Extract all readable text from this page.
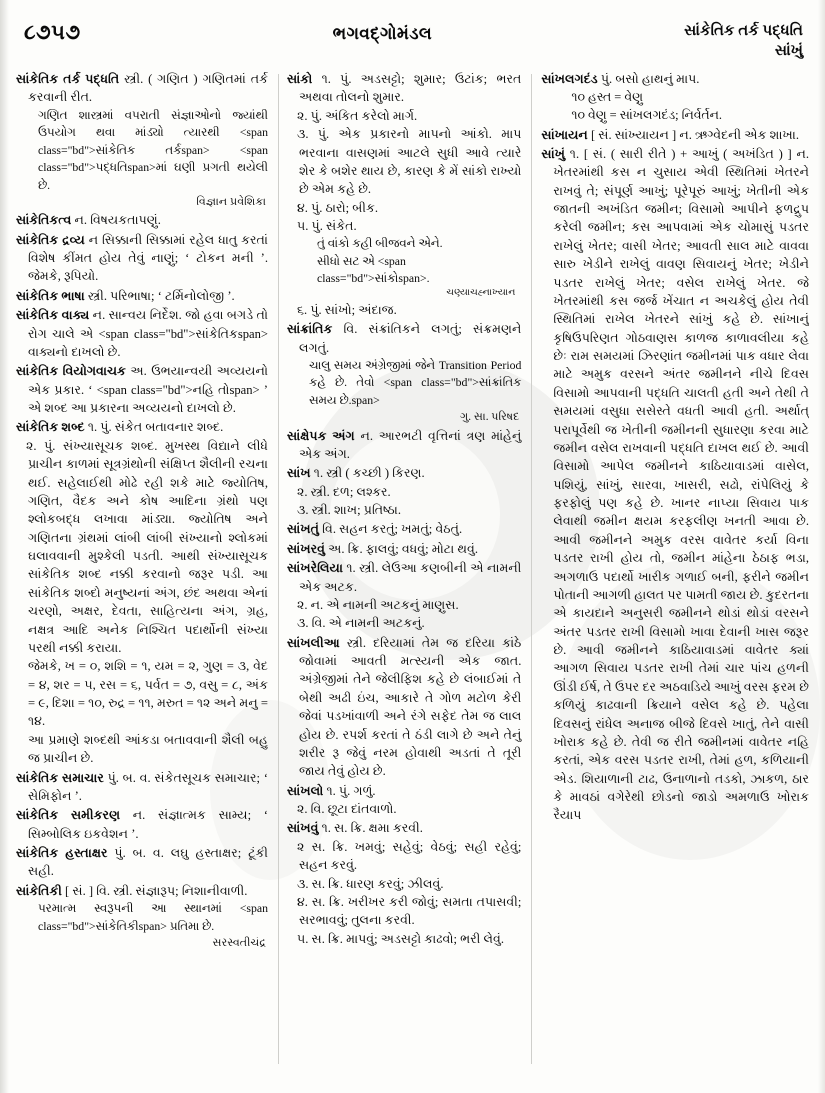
૮૭૫૭	ભગવદ્ગોમંડલ	સાંકેતિક તર્ક પદ્ધતિ
સાંખું

સાંકેતિક તર્ક પદ્ધતિ સ્ત્રી. ( ગણિત ) ગણિતમાં તર્ક કરવાની રીત.

ગણિત શાસ્ત્રમાં વપરાતી સંજ્ઞાઓનો જ્યાંથી ઉપયોગ થવા માંડ્યો ત્યારથી <span class="bd">સાંકેતિક તર્કspan> <span class="bd">પદ્ધતિspan>માં ઘણી પ્રગતી થયેલી છે.

વિજ્ઞાન પ્રવેશિકા

સાંકેતિકત્વ ન. વિષયકતાપણું.

સાંકેતિક દ્રવ્ય ન સિક્કાની સિક્કામાં રહેલ ધાતુ કરતાં વિશેષ કીંમત હોય તેવું નાણું; ‘ ટોકન મની ’. જેમકે, રૂપિયો.

સાંકેતિક ભાષા સ્ત્રી. પરિભાષા; ‘ ટર્મિનોલોજી ’.

સાંકેતિક વાક્ય ન. સાન્વય નિર્દેશ. જો હવા બગડે તો રોગ ચાલે એ <span class="bd">સાંકેતિકspan> વાક્યનો દાખલો છે.

સાંકેતિક વિયોગવાચક અ. ઉભયાન્વયી અવ્યયનો એક પ્રકાર. ‘ <span class="bd">નહિ તોspan> ’ એ શબ્દ આ પ્રકારના અવ્યયનો દાખલો છે.

સાંકેતિક શબ્દ ૧. પું. સંકેત બતાવનાર શબ્દ.

૨. પું. સંખ્યાસૂચક શબ્દ. મુખસ્થ વિદ્યાને લીધે પ્રાચીન કાળમાં સૂત્રગ્રંથોની સંક્ષિપ્ત શૈલીની રચના થઈ. સહેલાઈથી મોઢે રહી શકે માટે જ્યોતિષ, ગણિત, વૈદક અને કોષ આદિના ગ્રંથો પણ શ્લોકબદ્ધ લખાવા માંડ્યા. જ્યોતિષ અને ગણિતના ગ્રંથમાં લાંબી લાંબી સંખ્યાનો શ્લોકમાં ઘલાવવાની મુશ્કેલી પડતી. આથી સંખ્યાસૂચક સાંકેતિક શબ્દ નક્કી કરવાનો જરૂર પડી. આ સાંકેતિક શબ્દો મનુષ્યનાં અંગ, છંદ અથવા એનાં ચરણો, અક્ષર, દેવતા, સાહિત્યના અંગ, ગ્રહ, નક્ષત્ર આદિ અનેક નિશ્ચિત પદાર્થોની સંખ્યા પરથી નક્કી કરાયા.

જેમકે, ખ = ૦, શશિ = ૧, યમ = ૨, ગુણ = ૩, વેદ = ૪, શર = ૫, રસ = ૬, પર્વત = ૭, વસુ = ૮, અંક = ૯, દિશા = ૧૦, રુદ્ર = ૧૧, મરુત = ૧૨ અને મનુ = ૧૪.

આ પ્રમાણે શબ્દથી આંકડા બતાવવાની શૈલી બહુ જ પ્રાચીન છે.

સાંકેતિક સમાચાર પું. બ. વ. સંકેતસૂચક સમાચાર; ‘ સેમિફોન ’.

સાંકેતિક સમીકરણ ન. સંજ્ઞાત્મક સામ્ય; ‘ સિમ્બોલિક ઇકવેશન ’.

સાંકેતિક હસ્તાક્ષર પું. બ. વ. લઘુ હસ્તાક્ષર; ટૂંકી સહી.

સાંકેતિકી [ સં. ] વિ. સ્ત્રી. સંજ્ઞારૂપ; નિશાનીવાળી.

પરમાત્મ સ્વરૂપની આ સ્થાનમાં <span class="bd">સાંકેતિકીspan> પ્રતિમા છે.

સરસ્વતીચંદ્ર

સાંકો ૧. પું. અડસટ્ટો; શુમાર; ઉટાંક; ભરત અથવા તોલનો શુમાર.

૨. પું. અંકિત કરેલો માર્ગ.

૩. પું. એક પ્રકારનો માપનો આંકો. માપ ભરવાના વાસણમાં આટલે સુધી આવે ત્યારે શેર કે બશેર થાય છે, કારણ કે મેં સાંકો રાખ્યો છે એમ કહે છે.

૪. પું. ઠારો; બીક.

૫. પું. સંકેત.

તું વાંકો કહી બીજવને એને.

સીધો સટ એ <span class="bd">સાંકોspan>.

ચણ્યાચહ્નાખ્યાન

૬. પું. સાંખો; અંદાજ.

સાંક્રાંતિક વિ. સંક્રાંતિકને લગતું; સંક્રમણને લગતું.

ચાલુ સમય અંગ્રેજીમાં જેને Transition Period કહે છે. તેવો <span class="bd">સાંક્રાંતિક સમય છે.span>

ગુ. સા. પરિષદ

સાંક્ષેપક અંગ ન. આરભટી વૃત્તિનાં ત્રણ માંહેનું એક અંગ.

સાંખ ૧. સ્ત્રી ( કચ્છી ) કિરણ.

૨. સ્ત્રી. દળ; લશ્કર.

૩. સ્ત્રી. શાખ; પ્રતિષ્ઠા.

સાંખતું વિ. સહન કરતું; ખમતું; વેઠતું.

સાંખરવું અ. ક્રિ. ફાલવું; વધવું; મોટા થવું.

સાંખરેલિયા ૧. સ્ત્રી. લેઉઆ કણબીની એ નામની એક અટક.

૨. ન. એ નામની અટકનું માણુસ.

૩. વિ. એ નામની અટકનું.

સાંખલીઆ સ્ત્રી. દરિયામાં તેમ જ દરિયા કાંઠે જોવામાં આવતી મત્સ્યની એક જાત. અંગ્રેજીમાં તેને જેલીફિશ કહે છે લંબાઈમાં તે બેથી અઢી ઇંચ, આકારે તે ગોળ મટોળ કેરી જેવાં પડખાંવાળી અને રંગે સફેદ તેમ જ લાલ હોય છે. રપર્શ કરતાં તે ઠંડી લાગે છે અને તેનું શરીર રૂ જેવું નરમ હોવાથી અડતાં તે તૂરી જાય તેવું હોય છે.

સાંખલો ૧. પું. ગળું.

૨. વિ. છૂટા દાંતવાળો.

સાંખવું ૧. સ. ક્રિ. ક્ષમા કરવી.

૨ સ. ક્રિ. ખમવું; સહેવું; વેઠવું; સહી રહેવું; સહન કરવું.

૩. સ. ક્રિ. ધારણ કરવું; ઝીલવું.

૪. સ. ક્રિ. ખરીખર કરી જોવું; સમતા તપાસવી; સરભાવવું; તુલના કરવી.

૫. સ. ક્રિ. માપવું; અડસટ્ટો કાઢવો; ભરી લેવું.

સાંખલગદંડ પું. બસો હાથનું માપ.

૧૦ હસ્ત = વેણુ

૧૦ વેણુ = સાંખલગદંડ; નિર્વર્તન.

સાંખાયન [ સં. સાંખ્યાયન ] ન. ઋગ્વેદની એક શાખા.

સાંખું ૧. [ સં. ( સારી રીતે ) + આખું ( અખંડિત ) ] ન. ખેતરમાંથી કસ ન ચુસાય એવી સ્થિતિમાં ખેતરને રાખવું તે; સંપૂર્ણ આખું; પૂરેપૂરું આખું; ખેતીની એક જાતની અખંડિત જમીન; વિસામો આપીને ફળદ્રુપ કરેલી જમીન; કસ આપવામાં એક ચોમાસું પડતર રાખેલું ખેતર; વાસી ખેતર; આવતી સાલ માટે વાવવા સારુ ખેડીને રાખેલું વાવણ સિવાયનું ખેતર; ખેડીને પડતર રાખેલું ખેતર; વસેલ રાખેલું ખેતર. જે ખેતરમાંથી કસ જર્જ ખેંચાત ન અચકેલું હોય તેવી સ્થિતિમાં રાખેલ ખેતરને સાંખું કહે છે. સાંખાનું કૃષિઉપરિણત ગોઠવાણસ કાળજ કાળાવલીયા કહે છેઃ રામ સમયમાં ઝિરણાંત જમીનમાં પાક વધાર લેવા માટે અમુક વરસને અંતર જમીનને નીચે દિવસ વિસામો આપવાની પદ્ધતિ ચાલતી હતી અને તેથી તે સમયમાં વસુધા સસેસ્તે વધતી આવી હતી. અર્થાત્ પરાપૂર્વેથી જ ખેતીની જમીનની સુધારણા કરવા માટે જમીન વસેલ રાખવાની પદ્ધતિ દાખલ થઈ છે. આવી વિસામો આપેલ જમીનને કાઠિયાવાડમાં વાસેલ, પશિયું, સાંખું, સારવા, ખાસરી, સઢો, રાંપેલિયું કે ફરફોલું પણ કહે છે. ખાનર નાપ્યા સિવાય પાક લેવાથી જમીન ક્ષયમ કરફલીણ ખનતી આવા છે. આવી જમીનને અમુક વરસ વાવેતર કર્યા વિના પડતર રાખી હોય તો, જમીન માંહેના ઠેઠાફ ભડા, અગળાઉ પદાર્થો ખારીક ગળાઈ બની, ફરીને જમીન પોતાની આગળી હાલત પર પામતી જાય છે. કુદરતના એ કાયદાને અનુસરી જમીનને થોડાં થોડાં વરસને અંતર પડતર રાખી વિસામો ખાવા દેવાની ખાસ જરૂર છે. આવી જમીનને કાઠિયાવાડમાં વાવેતર ક્યાં આગળ સિવાય પડતર રાખી તેમાં ચાર પાંચ હળની ઊંડી ઈર્ષ, તે ઉપર દર અઠવાડિયે આખું વરસ ફરમ છે કળિયું કાઢવાની ક્રિયાને વસેલ કહે છે. પહેલા દિવસનું રાંધેલ અનાજ બીજે દિવસે ખાતું, તેને વાસી ખોરાક કહે છે. તેવી જ રીતે જમીનમાં વાવેતર નહિ કરતાં, એક વરસ પડતર રાખી, તેમાં હળ, કળિયાની એડ. શિયાળાની ટાઢ, ઉનાળાનો તડકો, ઝાકળ, ઠાર કે માવઠાં વગેરેથી છોડનો જાડો અમળાઉ ખોરાક રૈયાપ
